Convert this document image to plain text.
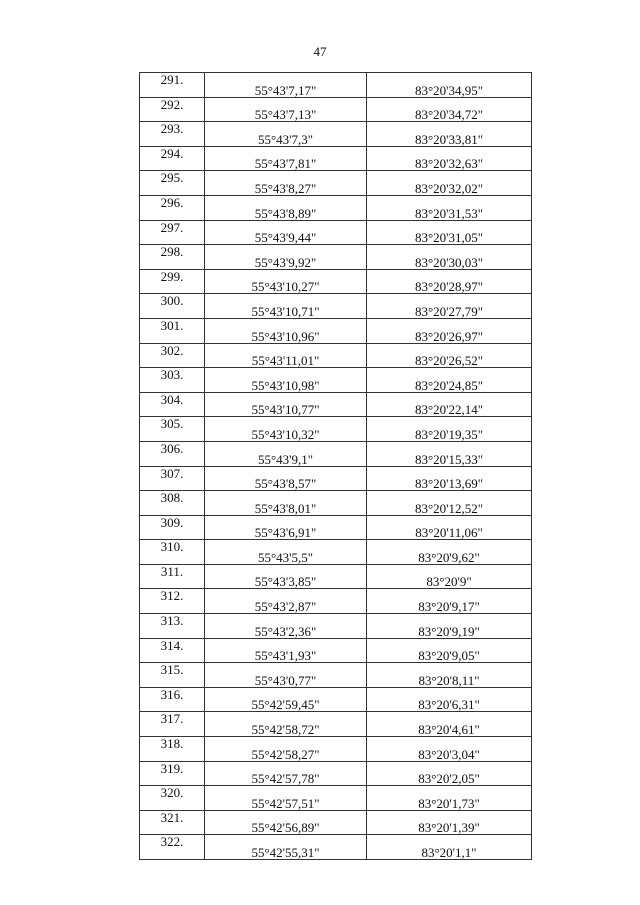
47
291.	55°43'7,17"	83°20'34,95"
292.	55°43'7,13"	83°20'34,72"
293.	55°43'7,3"	83°20'33,81"
294.	55°43'7,81"	83°20'32,63"
295.	55°43'8,27"	83°20'32,02"
296.	55°43'8,89"	83°20'31,53"
297.	55°43'9,44"	83°20'31,05"
298.	55°43'9,92"	83°20'30,03"
299.	55°43'10,27"	83°20'28,97"
300.	55°43'10,71"	83°20'27,79"
301.	55°43'10,96"	83°20'26,97"
302.	55°43'11,01"	83°20'26,52"
303.	55°43'10,98"	83°20'24,85"
304.	55°43'10,77"	83°20'22,14"
305.	55°43'10,32"	83°20'19,35"
306.	55°43'9,1"	83°20'15,33"
307.	55°43'8,57"	83°20'13,69"
308.	55°43'8,01"	83°20'12,52"
309.	55°43'6,91"	83°20'11,06"
310.	55°43'5,5"	83°20'9,62"
311.	55°43'3,85"	83°20'9"
312.	55°43'2,87"	83°20'9,17"
313.	55°43'2,36"	83°20'9,19"
314.	55°43'1,93"	83°20'9,05"
315.	55°43'0,77"	83°20'8,11"
316.	55°42'59,45"	83°20'6,31"
317.	55°42'58,72"	83°20'4,61"
318.	55°42'58,27"	83°20'3,04"
319.	55°42'57,78"	83°20'2,05"
320.	55°42'57,51"	83°20'1,73"
321.	55°42'56,89"	83°20'1,39"
322.	55°42'55,31"	83°20'1,1"
